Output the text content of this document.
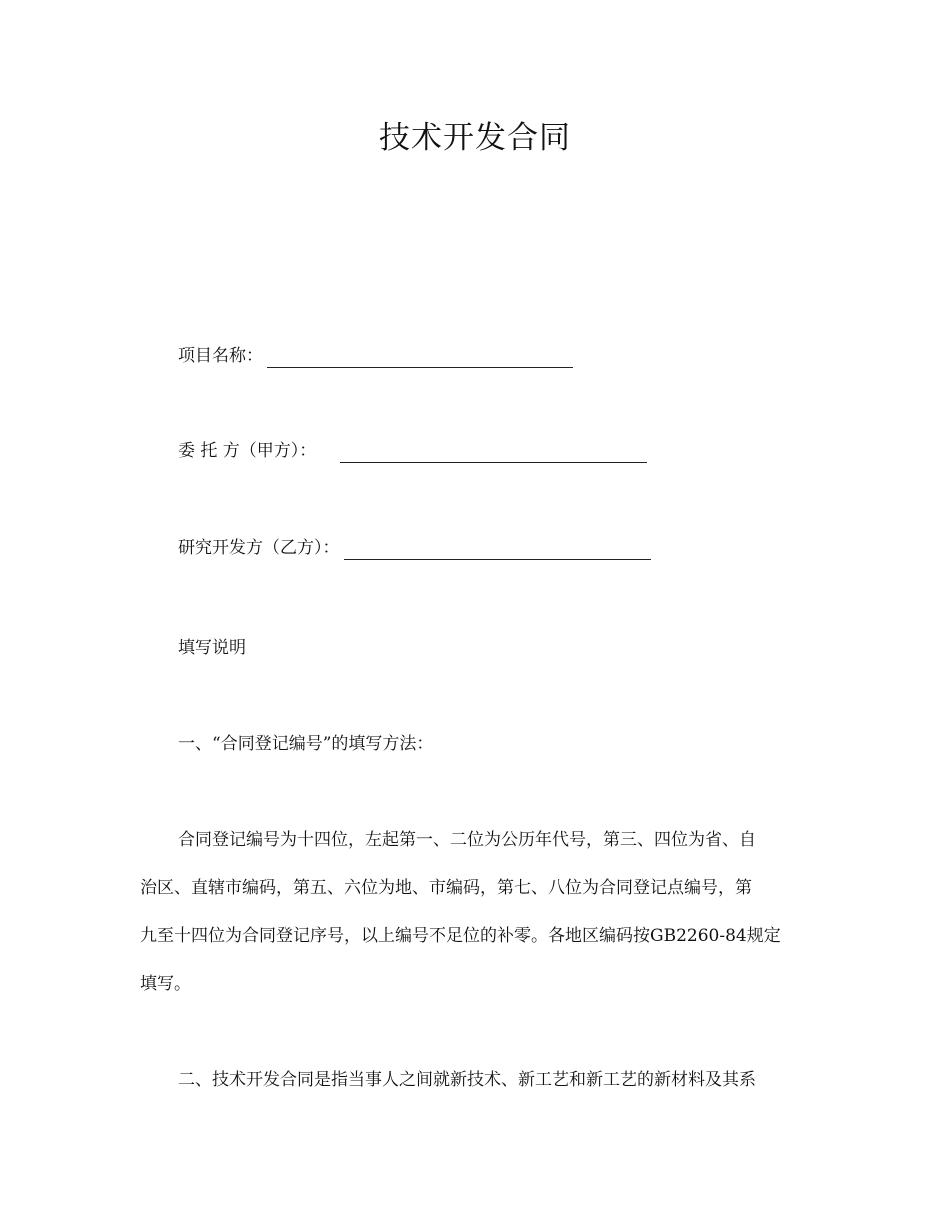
技术开发合同
项目名称：
委 托 方（甲方）：
研究开发方（乙方）：

填写说明

一、“合同登记编号”的填写方法：

合同登记编号为十四位，左起第一、二位为公历年代号，第三、四位为省、自

治区、直辖市编码，第五、六位为地、市编码，第七、八位为合同登记点编号，第

九至十四位为合同登记序号，以上编号不足位的补零。各地区编码按GB2260-84规定

填写。

二、技术开发合同是指当事人之间就新技术、新工艺和新工艺的新材料及其系
